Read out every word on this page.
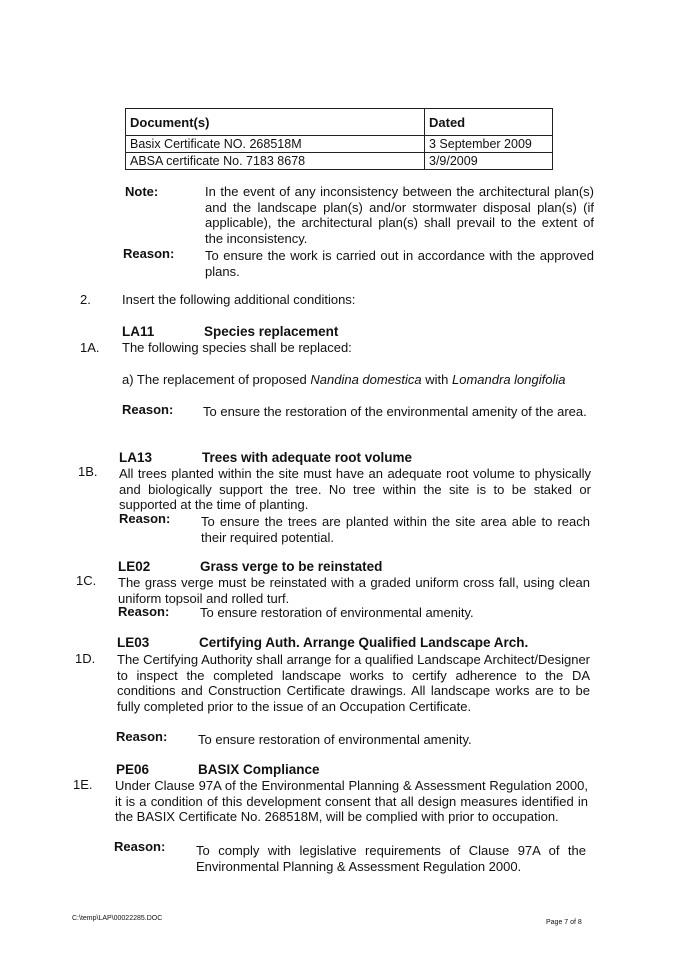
Document(s)	Dated
Basix Certificate NO. 268518M	3 September 2009
ABSA certificate No. 7183 8678	3/9/2009
Note:	In the event of any inconsistency between the architectural plan(s) and the landscape plan(s) and/or stormwater disposal plan(s) (if applicable), the architectural plan(s) shall prevail to the extent of the inconsistency.
Reason: To ensure the work is carried out in accordance with the approved plans.
2. Insert the following additional conditions:
LA11	Species replacement
1A. The following species shall be replaced:
a) The replacement of proposed Nandina domestica with Lomandra longifolia
Reason: To ensure the restoration of the environmental amenity of the area.
LA13	Trees with adequate root volume
1B. All trees planted within the site must have an adequate root volume to physically and biologically support the tree. No tree within the site is to be staked or supported at the time of planting.
Reason: To ensure the trees are planted within the site area able to reach their required potential.
LE02	Grass verge to be reinstated
1C. The grass verge must be reinstated with a graded uniform cross fall, using clean uniform topsoil and rolled turf.
Reason: To ensure restoration of environmental amenity.
LE03	Certifying Auth. Arrange Qualified Landscape Arch.
1D. The Certifying Authority shall arrange for a qualified Landscape Architect/Designer to inspect the completed landscape works to certify adherence to the DA conditions and Construction Certificate drawings. All landscape works are to be fully completed prior to the issue of an Occupation Certificate.
Reason: To ensure restoration of environmental amenity.
PE06	BASIX Compliance
1E. Under Clause 97A of the Environmental Planning & Assessment Regulation 2000, it is a condition of this development consent that all design measures identified in the BASIX Certificate No. 268518M, will be complied with prior to occupation.
Reason: To comply with legislative requirements of Clause 97A of the Environmental Planning & Assessment Regulation 2000.
C:\temp\LAP\00022285.DOC
Page 7 of 8
